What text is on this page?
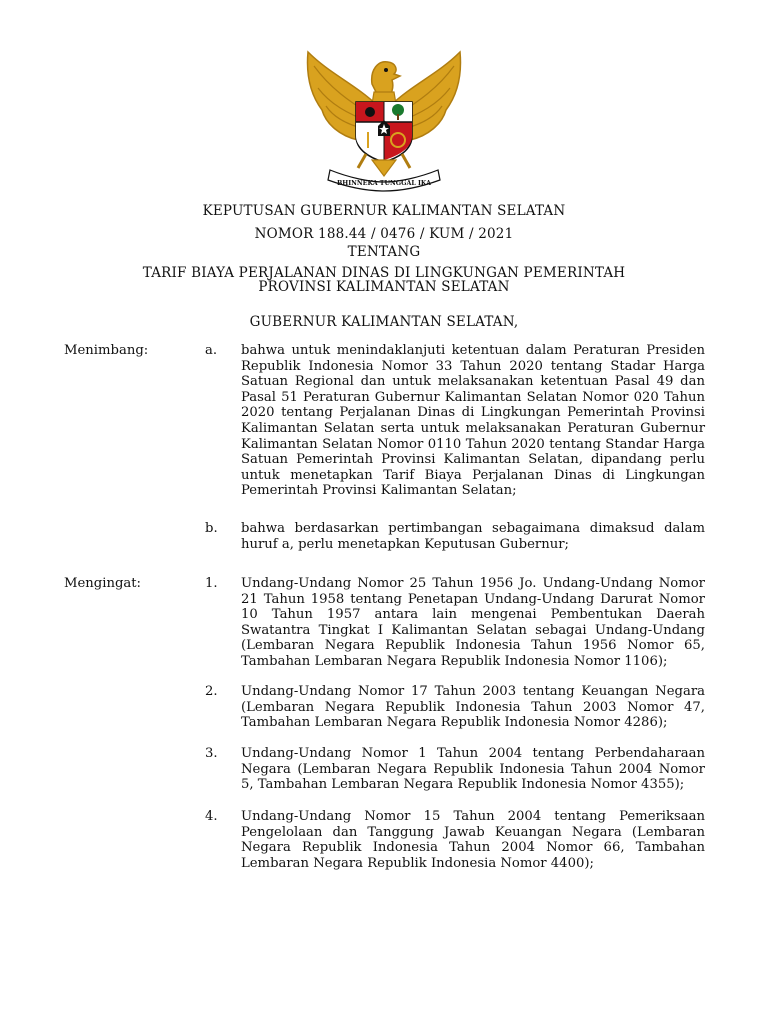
BHINNEKA TUNGGAL IKA
KEPUTUSAN GUBERNUR KALIMANTAN SELATAN
NOMOR 188.44 / 0476 / KUM / 2021
TENTANG
TARIF BIAYA PERJALANAN DINAS DI LINGKUNGAN PEMERINTAH
PROVINSI KALIMANTAN SELATAN
GUBERNUR KALIMANTAN SELATAN,
Menimbang:	a. bahwa untuk menindaklanjuti ketentuan dalam Peraturan Presiden Republik Indonesia Nomor 33 Tahun 2020 tentang Stadar Harga Satuan Regional dan untuk melaksanakan ketentuan Pasal 49 dan Pasal 51 Peraturan Gubernur Kalimantan Selatan Nomor 020 Tahun 2020 tentang Perjalanan Dinas di Lingkungan Pemerintah Provinsi Kalimantan Selatan serta untuk melaksanakan Peraturan Gubernur Kalimantan Selatan Nomor 0110 Tahun 2020 tentang Standar Harga Satuan Pemerintah Provinsi Kalimantan Selatan, dipandang perlu untuk menetapkan Tarif Biaya Perjalanan Dinas di Lingkungan Pemerintah Provinsi Kalimantan Selatan;
b. bahwa berdasarkan pertimbangan sebagaimana dimaksud dalam huruf a, perlu menetapkan Keputusan Gubernur;
Mengingat:	1. Undang-Undang Nomor 25 Tahun 1956 Jo. Undang-Undang Nomor 21 Tahun 1958 tentang Penetapan Undang-Undang Darurat Nomor 10 Tahun 1957 antara lain mengenai Pembentukan Daerah Swatantra Tingkat I Kalimantan Selatan sebagai Undang-Undang (Lembaran Negara Republik Indonesia Tahun 1956 Nomor 65, Tambahan Lembaran Negara Republik Indonesia Nomor 1106);
2. Undang-Undang Nomor 17 Tahun 2003 tentang Keuangan Negara (Lembaran Negara Republik Indonesia Tahun 2003 Nomor 47, Tambahan Lembaran Negara Republik Indonesia Nomor 4286);
3. Undang-Undang Nomor 1 Tahun 2004 tentang Perbendaharaan Negara (Lembaran Negara Republik Indonesia Tahun 2004 Nomor 5, Tambahan Lembaran Negara Republik Indonesia Nomor 4355);
4. Undang-Undang Nomor 15 Tahun 2004 tentang Pemeriksaan Pengelolaan dan Tanggung Jawab Keuangan Negara (Lembaran Negara Republik Indonesia Tahun 2004 Nomor 66, Tambahan Lembaran Negara Republik Indonesia Nomor 4400);
